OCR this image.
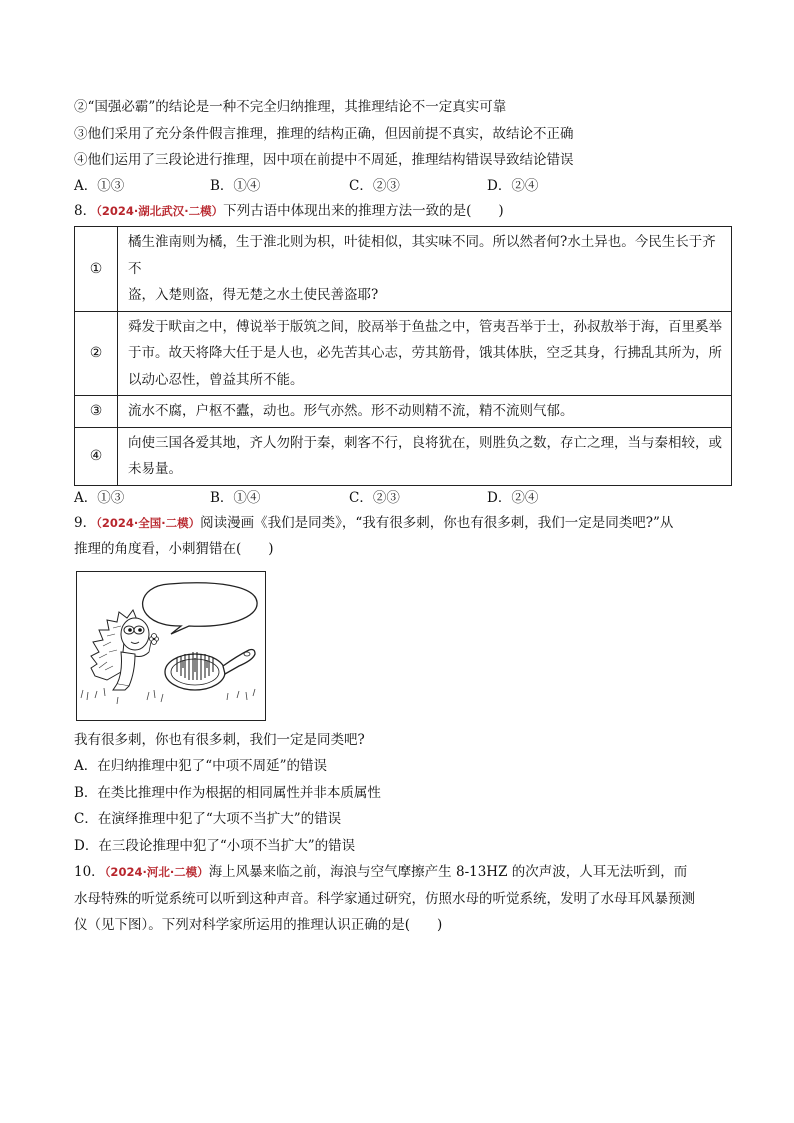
②“国强必霸”的结论是一种不完全归纳推理，其推理结论不一定真实可靠
③他们采用了充分条件假言推理，推理的结构正确，但因前提不真实，故结论不正确
④他们运用了三段论进行推理，因中项在前提中不周延，推理结构错误导致结论错误
A．①③	B．①④	C．②③	D．②④
8．（2024·湖北武汉·二模）下列古语中体现出来的推理方法一致的是(　　)
①	橘生淮南则为橘，生于淮北则为枳，叶徒相似，其实味不同。所以然者何?水土异也。今民生长于齐不
盗，入楚则盗，得无楚之水土使民善盗耶?

②	舜发于畎亩之中，傅说举于版筑之间，胶鬲举于鱼盐之中，管夷吾举于士，孙叔敖举于海，百里奚举
于市。故天将降大任于是人也，必先苦其心志，劳其筋骨，饿其体肤，空乏其身，行拂乱其所为，所
以动心忍性，曾益其所不能。

③	流水不腐，户枢不蠹，动也。形气亦然。形不动则精不流，精不流则气郁。

④	向使三国各爱其地，齐人勿附于秦，刺客不行，良将犹在，则胜负之数，存亡之理，当与秦相较，或
未易量。
A．①③	B．①④	C．②③	D．②④
9．（2024·全国·二模）阅读漫画《我们是同类》，“我有很多刺，你也有很多刺，我们一定是同类吧?”从
推理的角度看，小刺猬错在(　　)
我有很多刺，你也有很多刺，我们一定是同类吧?
A．在归纳推理中犯了“中项不周延”的错误
B．在类比推理中作为根据的相同属性并非本质属性
C．在演绎推理中犯了“大项不当扩大”的错误
D．在三段论推理中犯了“小项不当扩大”的错误
10．（2024·河北·二模）海上风暴来临之前，海浪与空气摩擦产生 8-13HZ 的次声波，人耳无法听到，而
水母特殊的听觉系统可以听到这种声音。科学家通过研究，仿照水母的听觉系统，发明了水母耳风暴预测
仪（见下图）。下列对科学家所运用的推理认识正确的是(　　)
